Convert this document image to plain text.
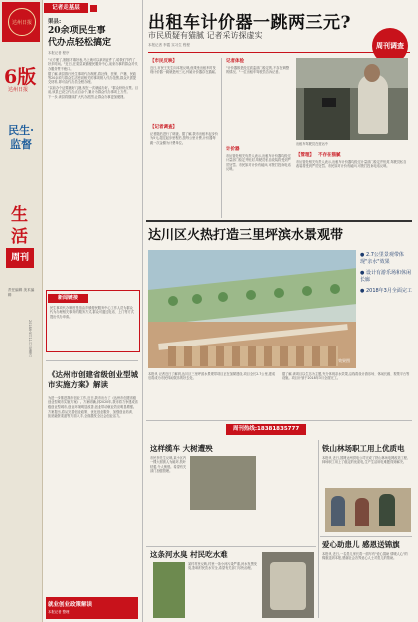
达州日报
6版
达州日报
民生·监督
生
活
周刊
责任编辑 美术编辑
2018年5月11日 星期五
记者走基层
渠县:
20余项民生事
代办点轻松搞定
本报记者 程序

"太方便了,刚刚才填好表,马上就可以拿到证件了,给我们节约了好多时间。"近日,在渠县某镇便民服务中心,前来办事的群众对代办服务赞不绝口。

据了解,该县推行民生事项代办制度,将社保、医保、户籍、民政等20余项与群众生活密切相关的事项纳入代办范围,群众只需提交材料,即可由代办员全程办理。

"以前办个证要跑好几趟,现在一次就能办好。"群众纷纷点赞。目前,该县已设立代办点百余个,累计为群众代办事项上万件。

下一步,该县将继续扩大代办范围,让群众办事更加便捷。

新闻链接

民生事项代办制度是指由乡镇便民服务中心工作人员为群众代为办理相关事务的服务方式,群众可通过电话、上门等方式提出代办申请。

《达州市创建省级创业型城市实施方案》解读

为进一步推进我市创业工作,近日,我市出台了《达州市创建省级创业型城市实施方案》。方案明确,到2020年,我市将力争建成省级创业型城市,创业环境明显改善,创业带动就业效应明显增强。

方案提出,将从完善创业政策、优化创业服务、加强创业培训、拓宽融资渠道等方面入手,全面激发全社会创业活力。

就业创业政策解读
本报记者 整理
出租车计价器一跳两三元?
市民质疑有猫腻 记者采访探虚实
本报记者 李霞 实习生 程程	周刊调查
【市民反映】

近日,市民王先生向本报反映,他乘坐出租车时发现计价器一跳就是两三元,怀疑计价器存在猫腻。

【记者调查】

记者随后进行了调查。据了解,我市出租车起步价为5元,超过起步里程后,按每公里计费,计价器每跳一次金额为计费单位。

记者体验

"计价器都是经过质监部门检定的,不存在调整的情况。"一位出租车驾驶员告诉记者。

计价器

市运管处相关负责人表示,出租车计价器均经过计量部门检定并铅封,驾驶员私自改装将受到严厉处罚。市民如对计价有疑问,可拨打投诉电话反映。

出租车驾驶员在营运中
【管理】 不存在猫腻

市运管处相关负责人表示,出租车计价器均经过计量部门检定并铅封,驾驶员私自改装将受到严厉处罚。市民如对计价有疑问,可拨打投诉电话反映。

达川区火热打造三里坪滨水景观带
效果图
● 2.7公里景观带体现"亲水"效果
● 设计有游乐场和休闲长廊
● 2018年3月全面完工

本报讯 记者近日了解到,达川区三里坪滨水景观带项目正在加紧建设,项目全长2.7公里,建成后将成为市民休闲娱乐的好去处。

据了解,该项目以生态为主题,充分体现亲水效果,沿线将设计游乐场、休闲长廊、观景平台等设施。项目计划于2018年3月全面完工。

周刊热线:18381835777
这样缆车 大树遭殃

市民李先生反映,某小区内一棵大树被人为破坏,枝叶枯萎,令人惋惜。希望有关部门加强管理。

铁山林场职工用上优质电

本报讯 近日,国网达州供电公司完成了铁山林场电网改造工程,林场职工用上了稳定的优质电,生产生活用电难题得到解决。

这条河水臭 村民吃水难

某村村民反映,村里一条小河污染严重,河水发黑发臭,影响村民饮水安全,希望有关部门尽快治理。

爱心助患儿 感恩送锦旗

本报讯 近日,一名患儿家长将一面写有"爱心捐助 情暖人心"的锦旗送到本报,感谢社会各界爱心人士对患儿的帮助。
